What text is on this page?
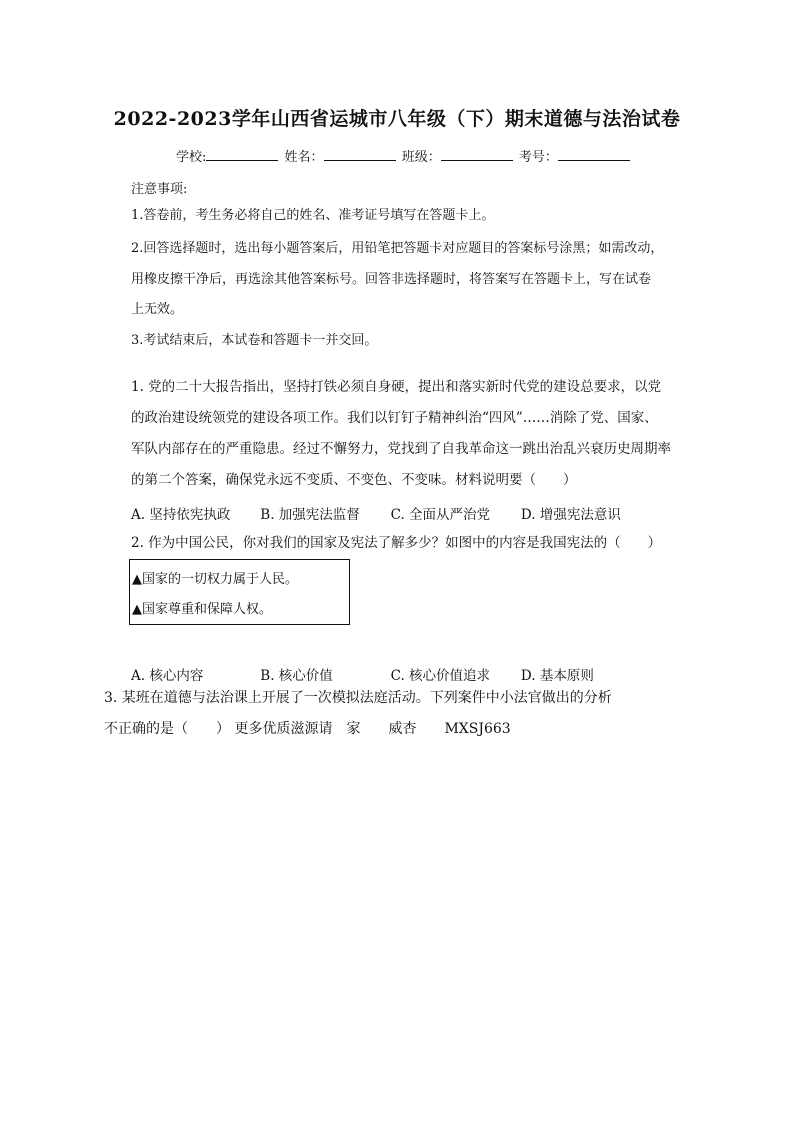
2022-2023学年山西省运城市八年级（下）期末道德与法治试卷
学校:	姓名：	班级：	考号：
注意事项:
1.答卷前，考生务必将自己的姓名、准考证号填写在答题卡上。
2.回答选择题时，选出每小题答案后，用铅笔把答题卡对应题目的答案标号涂黑；如需改动，
用橡皮擦干净后，再选涂其他答案标号。回答非选择题时，将答案写在答题卡上，写在试卷
上无效。
3.考试结束后，本试卷和答题卡一并交回。
1. 党的二十大报告指出，坚持打铁必须自身硬，提出和落实新时代党的建设总要求，以党
的政治建设统领党的建设各项工作。我们以钉钉子精神纠治“四风”……消除了党、国家、
军队内部存在的严重隐患。经过不懈努力，党找到了自我革命这一跳出治乱兴衰历史周期率
的第二个答案，确保党永远不变质、不变色、不变味。材料说明要（　　）
A. 坚持依宪执政 B. 加强宪法监督 C. 全面从严治党 D. 增强宪法意识
2. 作为中国公民，你对我们的国家及宪法了解多少？如图中的内容是我国宪法的（　　）
▲国家的一切权力属于人民。
▲国家尊重和保障人权。
A. 核心内容	B. 核心价值	C. 核心价值追求 D. 基本原则
3. 某班在道德与法治课上开展了一次模拟法庭活动。下列案件中小法官做出的分析
不正确的是（　　） 更多优质滋源请　家　　威杏　　MXSJ663
